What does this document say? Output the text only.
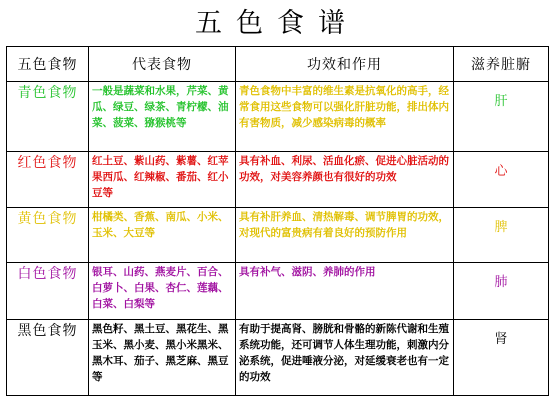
五色食谱
五色食物	代表食物	功效和作用	滋养脏腑
青色食物	一般是蔬菜和水果，芹菜、黄瓜、绿豆、绿茶、青柠檬、油菜、菠菜、猕猴桃等	青色食物中丰富的维生素是抗氧化的高手，经常食用这些食物可以强化肝脏功能，排出体内有害物质，减少感染病毒的概率	肝
红色食物	红土豆、紫山药、紫薯、红苹果西瓜、红辣椒、番茄、红小豆等	具有补血、利尿、活血化瘀、促进心脏活动的功效，对美容养颜也有很好的功效	心
黄色食物	柑橘类、香蕉、南瓜、小米、玉米、大豆等	具有补肝养血、清热解毒、调节脾胃的功效，对现代的富贵病有着良好的预防作用	脾
白色食物	银耳、山药、燕麦片、百合、白萝卜、白果、杏仁、莲藕、白菜、白梨等	具有补气、滋阴、养肺的作用	肺
黑色食物	黑色籽、黑土豆、黑花生、黑玉米、黑小麦、黑小米黑米、黑木耳、茄子、黑芝麻、黑豆等	有助于提高肾、膀胱和骨骼的新陈代谢和生殖系统功能，还可调节人体生理功能，刺激内分泌系统，促进唾液分泌，对延缓衰老也有一定的功效	肾
